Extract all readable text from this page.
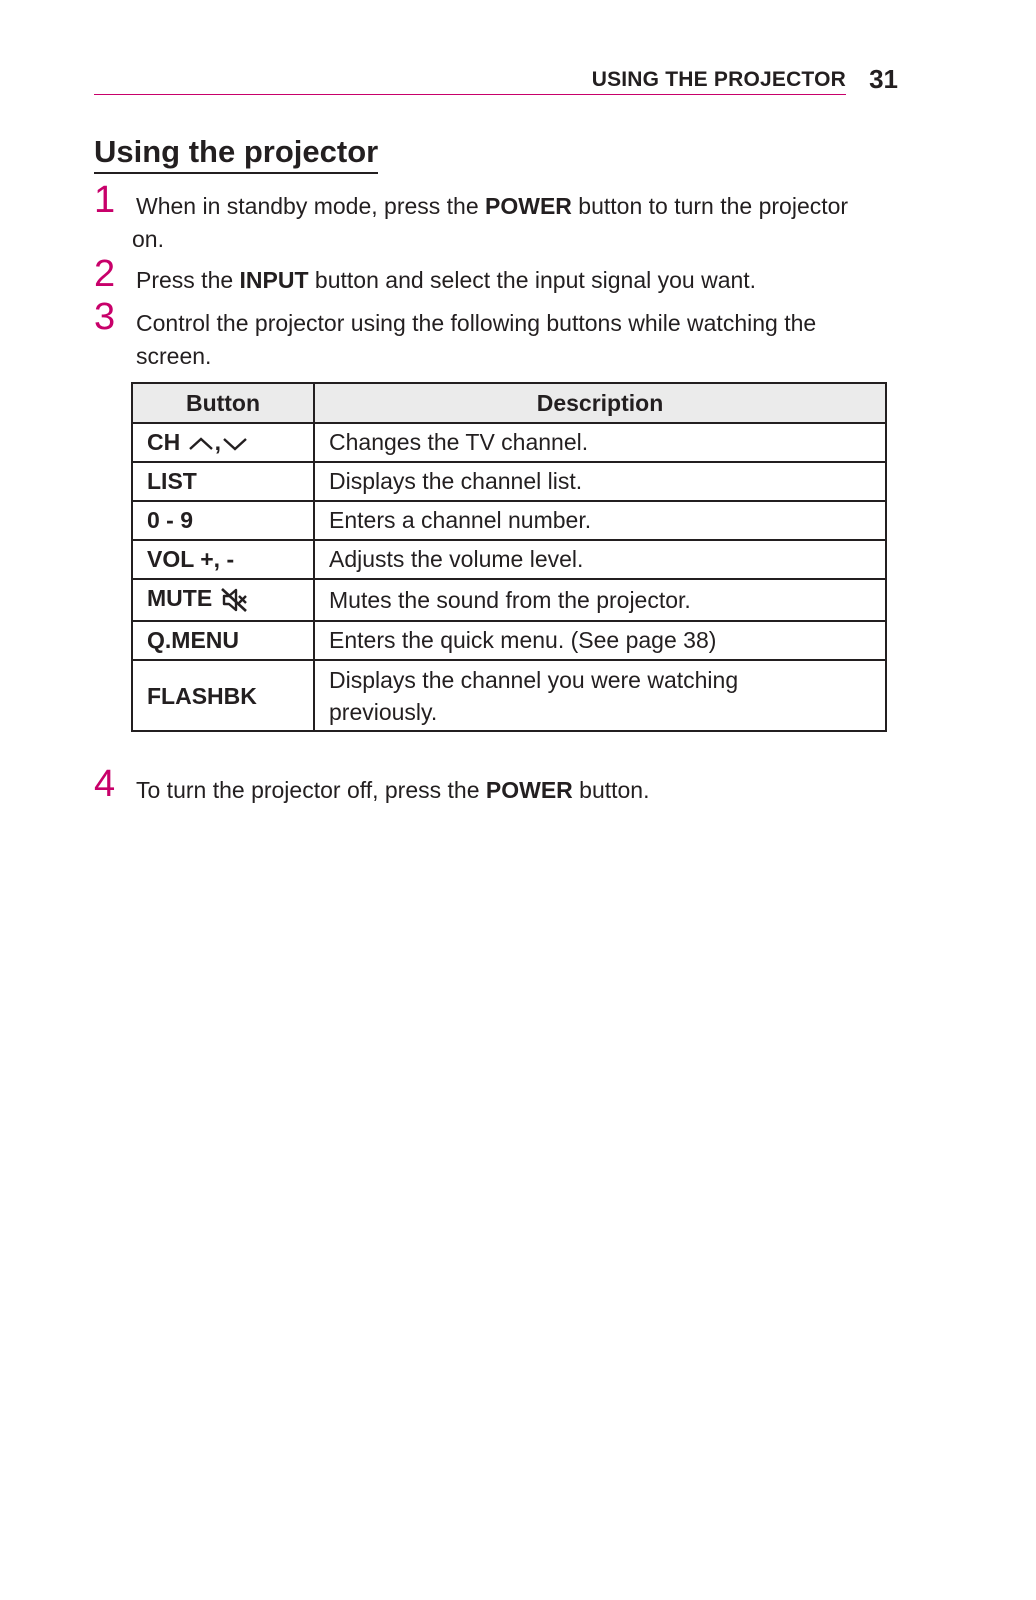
USING THE PROJECTOR 31
Using the projector
1 When in standby mode, press the POWER button to turn the projector
on.
2 Press the INPUT button and select the input signal you want.
3 Control the projector using the following buttons while watching the
screen.
Button	Description
CH ,	Changes the TV channel.
LIST	Displays the channel list.
0 - 9	Enters a channel number.
VOL +, -	Adjusts the volume level.
MUTE	Mutes the sound from the projector.
Q.MENU	Enters the quick menu. (See page 38)
FLASHBK	Displays the channel you were watching previously.
4 To turn the projector off, press the POWER button.
